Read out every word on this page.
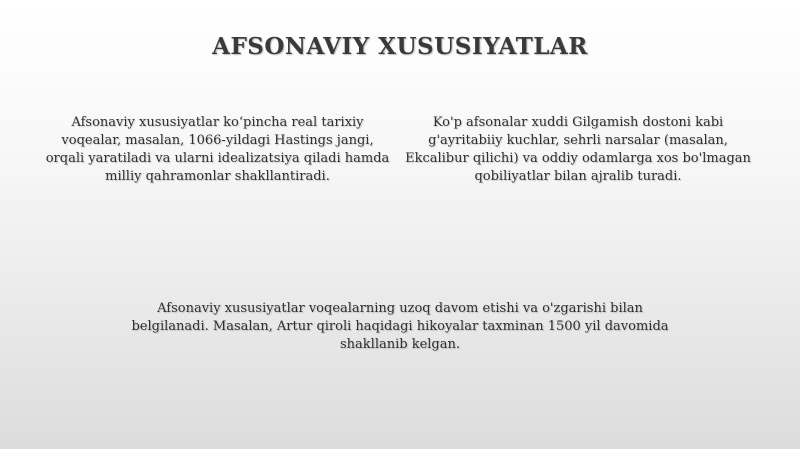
AFSONAVIY XUSUSIYATLAR
Afsonaviy xususiyatlar koʻpincha real tarixiy voqealar, masalan, 1066-yildagi Hastings jangi, orqali yaratiladi va ularni idealizatsiya qiladi hamda milliy qahramonlar shakllantiradi.
Ko'p afsonalar xuddi Gilgamish dostoni kabi g'ayritabiiy kuchlar, sehrli narsalar (masalan, Ekcalibur qilichi) va oddiy odamlarga xos bo'lmagan qobiliyatlar bilan ajralib turadi.
Afsonaviy xususiyatlar voqealarning uzoq davom etishi va o'zgarishi bilan belgilanadi. Masalan, Artur qiroli haqidagi hikoyalar taxminan 1500 yil davomida shakllanib kelgan.
